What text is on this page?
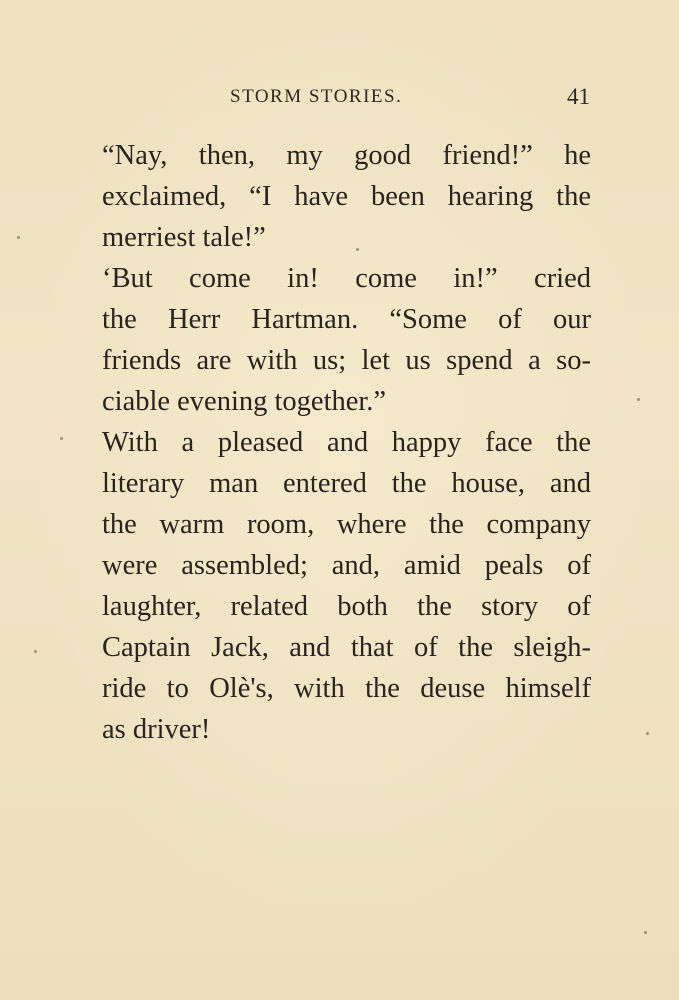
STORM STORIES.	41

“Nay, then, my good friend!” he
exclaimed, “I have been hearing the
merriest tale!”

‘But come in! come in!” cried
the Herr Hartman. “Some of our
friends are with us; let us spend a so-
ciable evening together.”

With a pleased and happy face the
literary man entered the house, and
the warm room, where the company
were assembled; and, amid peals of
laughter, related both the story of
Captain Jack, and that of the sleigh-
ride to Olè's, with the deuse himself
as driver!
